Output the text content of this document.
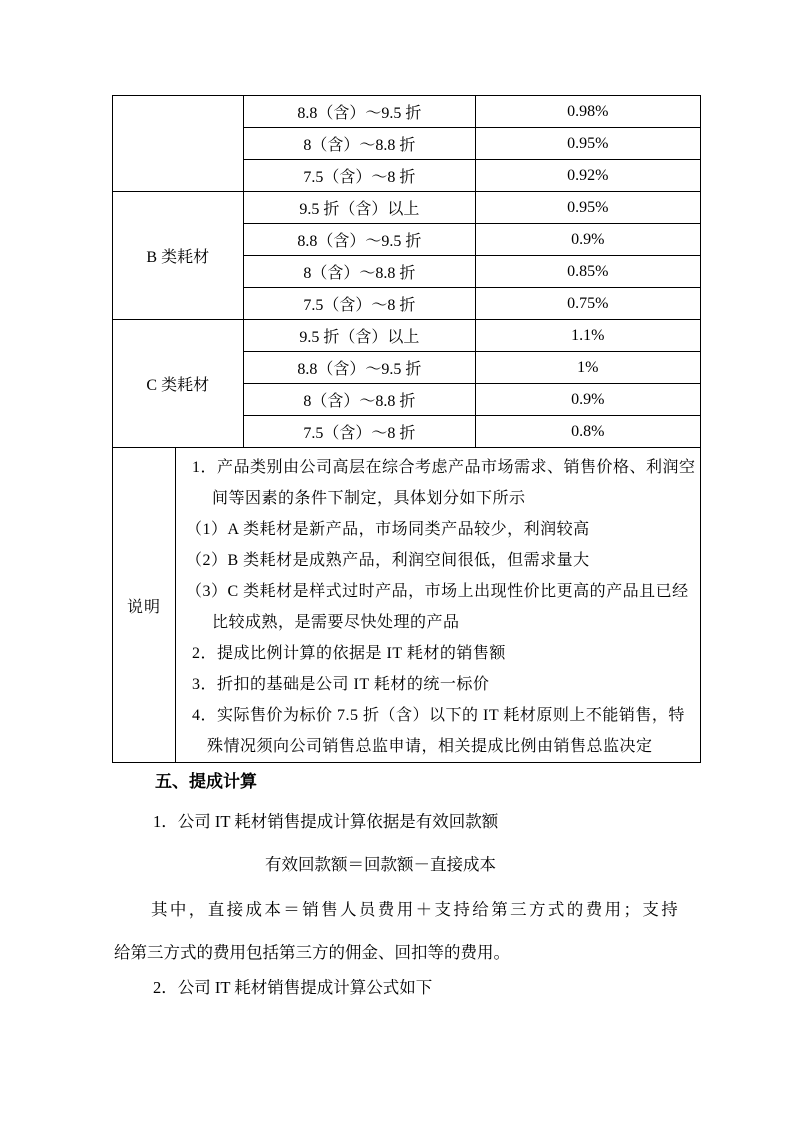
		8.8（含）～9.5 折	0.98%
		8（含）～8.8 折	0.95%
		7.5（含）～8 折	0.92%
B 类耗材		9.5 折（含）以上	0.95%
		8.8（含）～9.5 折	0.9%
		8（含）～8.8 折	0.85%
		7.5（含）～8 折	0.75%
C 类耗材		9.5 折（含）以上	1.1%
		8.8（含）～9.5 折	1%
		8（含）～8.8 折	0.9%
		7.5（含）～8 折	0.8%
说明	
1．产品类别由公司高层在综合考虑产品市场需求、销售价格、利润空
间等因素的条件下制定，具体划分如下所示
（1）A 类耗材是新产品，市场同类产品较少，利润较高
（2）B 类耗材是成熟产品，利润空间很低，但需求量大
（3）C 类耗材是样式过时产品，市场上出现性价比更高的产品且已经
比较成熟，是需要尽快处理的产品
2．提成比例计算的依据是 IT 耗材的销售额
3．折扣的基础是公司 IT 耗材的统一标价
4．实际售价为标价 7.5 折（含）以下的 IT 耗材原则上不能销售，特
殊情况须向公司销售总监申请，相关提成比例由销售总监决定
五、提成计算
1．公司 IT 耗材销售提成计算依据是有效回款额
有效回款额＝回款额－直接成本
其中，直接成本＝销售人员费用＋支持给第三方式的费用；支持
给第三方式的费用包括第三方的佣金、回扣等的费用。
2．公司 IT 耗材销售提成计算公式如下
